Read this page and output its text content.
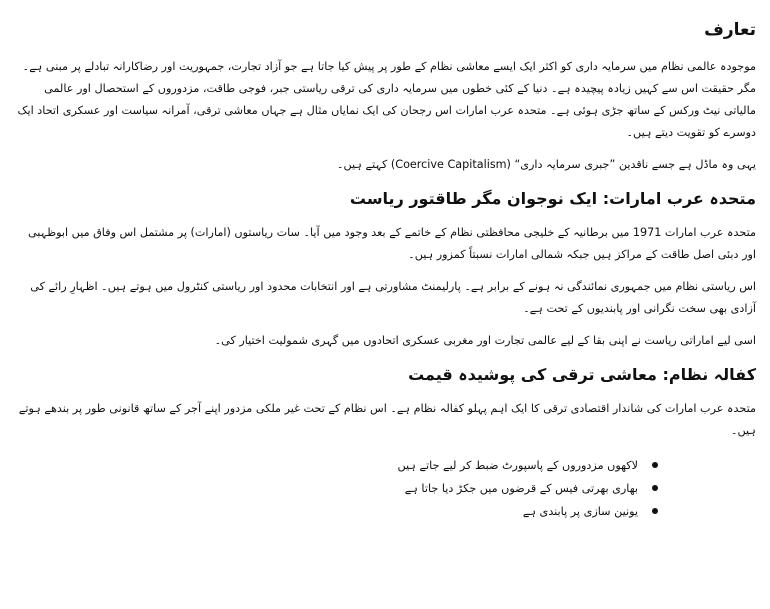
تعارف

موجودہ عالمی نظام میں سرمایہ داری کو اکثر ایک ایسے معاشی نظام کے طور پر پیش کیا جاتا ہے جو آزاد تجارت، جمہوریت اور رضاکارانہ تبادلے پر مبنی ہے۔ مگر حقیقت اس سے کہیں زیادہ پیچیدہ ہے۔ دنیا کے کئی خطوں میں سرمایہ داری کی ترقی ریاستی جبر، فوجی طاقت، مزدوروں کے استحصال اور عالمی مالیاتی نیٹ ورکس کے ساتھ جڑی ہوئی ہے۔ متحدہ عرب امارات اس رجحان کی ایک نمایاں مثال ہے جہاں معاشی ترقی، آمرانہ سیاست اور عسکری اتحاد ایک دوسرے کو تقویت دیتے ہیں۔

یہی وہ ماڈل ہے جسے ناقدین ”جبری سرمایہ داری“ (Coercive Capitalism) کہتے ہیں۔

متحدہ عرب امارات: ایک نوجوان مگر طاقتور ریاست

متحدہ عرب امارات 1971 میں برطانیہ کے خلیجی محافظتی نظام کے خاتمے کے بعد وجود میں آیا۔ سات ریاستوں (امارات) پر مشتمل اس وفاق میں ابوظہبی اور دبئی اصل طاقت کے مراکز ہیں جبکہ شمالی امارات نسبتاً کمزور ہیں۔

اس ریاستی نظام میں جمہوری نمائندگی نہ ہونے کے برابر ہے۔ پارلیمنٹ مشاورتی ہے اور انتخابات محدود اور ریاستی کنٹرول میں ہوتے ہیں۔ اظہارِ رائے کی آزادی بھی سخت نگرانی اور پابندیوں کے تحت ہے۔

اسی لیے اماراتی ریاست نے اپنی بقا کے لیے عالمی تجارت اور مغربی عسکری اتحادوں میں گہری شمولیت اختیار کی۔

کفالہ نظام: معاشی ترقی کی پوشیدہ قیمت

متحدہ عرب امارات کی شاندار اقتصادی ترقی کا ایک اہم پہلو کفالہ نظام ہے۔ اس نظام کے تحت غیر ملکی مزدور اپنے آجر کے ساتھ قانونی طور پر بندھے ہوتے ہیں۔

لاکھوں مزدوروں کے پاسپورٹ ضبط کر لیے جاتے ہیں
بھاری بھرتی فیس کے قرضوں میں جکڑ دیا جاتا ہے
یونین سازی پر پابندی ہے
